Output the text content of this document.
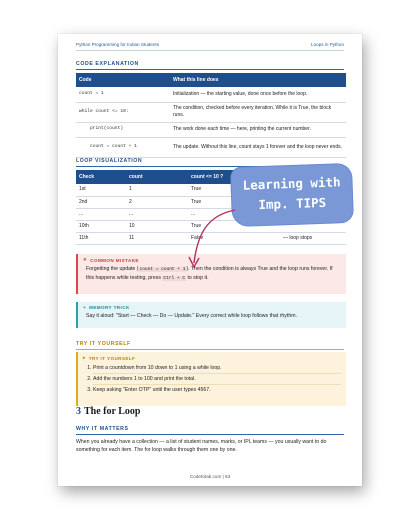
Python Programming for Indian Students	Loops in Python
CODE EXPLANATION
Code	What this line does
count = 1	Initialization — the starting value, done once before the loop.
while count <= 10:	The condition, checked before every iteration. While it is True, the block runs.
print(count)	The work done each time — here, printing the current number.
count = count + 1	The update. Without this line, count stays 1 forever and the loop never ends.
LOOP VISUALIZATION
Check	count	count <= 10 ?	
1st	1	True	
2nd	2	True	
...	...	...	
10th	10	True	
11th	11	False	— loop stops
✕ COMMON MISTAKE
Forgetting the update (count = count + 1). Then the condition is always True and the loop runs forever. If this happens while testing, press Ctrl + C to stop it.
+ MEMORY TRICK
Say it aloud: "Start — Check — Do — Update." Every correct while loop follows that rhythm.
TRY IT YOURSELF
▸ TRY IT YOURSELF
1. Print a countdown from 10 down to 1 using a while loop.
2. Add the numbers 1 to 100 and print the total.
3. Keep asking "Enter OTP" until the user types 4567.
3 The for Loop
WHY IT MATTERS
When you already have a collection — a list of student names, marks, or IPL teams — you usually want to do something for each item. The for loop walks through them one by one.
CodeKitab.com | 63
Learning with
Imp. TIPS
